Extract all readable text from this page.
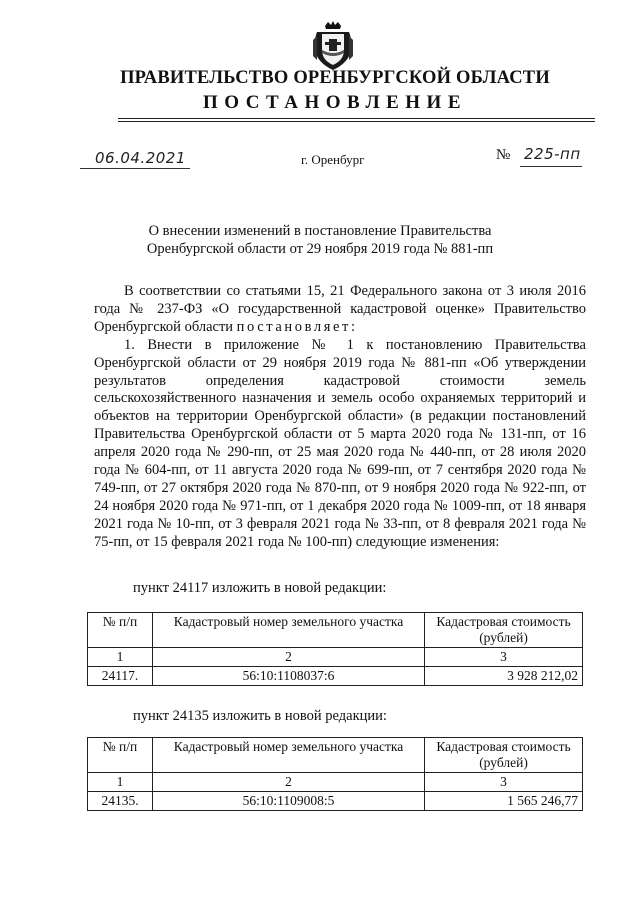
ПРАВИТЕЛЬСТВО ОРЕНБУРГСКОЙ ОБЛАСТИ
ПОСТАНОВЛЕНИЕ
06.04.2021	г. Оренбург	№ 225-пп
О внесении изменений в постановление Правительства
Оренбургской области от 29 ноября 2019 года № 881-пп

В соответствии со статьями 15, 21 Федерального закона от 3 июля 2016 года № 237-ФЗ «О государственной кадастровой оценке» Правительство Оренбургской области постановляет:

1. Внести в приложение № 1 к постановлению Правительства Оренбургской области от 29 ноября 2019 года № 881-пп «Об утверждении результатов определения кадастровой стоимости земель сельскохозяйственного назначения и земель особо охраняемых территорий и объектов на территории Оренбургской области» (в редакции постановлений Правительства Оренбургской области от 5 марта 2020 года № 131-пп, от 16 апреля 2020 года № 290-пп, от 25 мая 2020 года № 440-пп, от 28 июля 2020 года № 604-пп, от 11 августа 2020 года № 699-пп, от 7 сентября 2020 года № 749-пп, от 27 октября 2020 года № 870-пп, от 9 ноября 2020 года № 922-пп, от 24 ноября 2020 года № 971-пп, от 1 декабря 2020 года № 1009-пп, от 18 января 2021 года № 10-пп, от 3 февраля 2021 года № 33-пп, от 8 февраля 2021 года № 75-пп, от 15 февраля 2021 года № 100-пп) следующие изменения:

пункт 24117 изложить в новой редакции:
№ п/п	Кадастровый номер земельного участка	Кадастровая стоимость (рублей)
1	2	3
24117.	56:10:1108037:6	3 928 212,02
пункт 24135 изложить в новой редакции:
№ п/п	Кадастровый номер земельного участка	Кадастровая стоимость (рублей)
1	2	3
24135.	56:10:1109008:5	1 565 246,77
